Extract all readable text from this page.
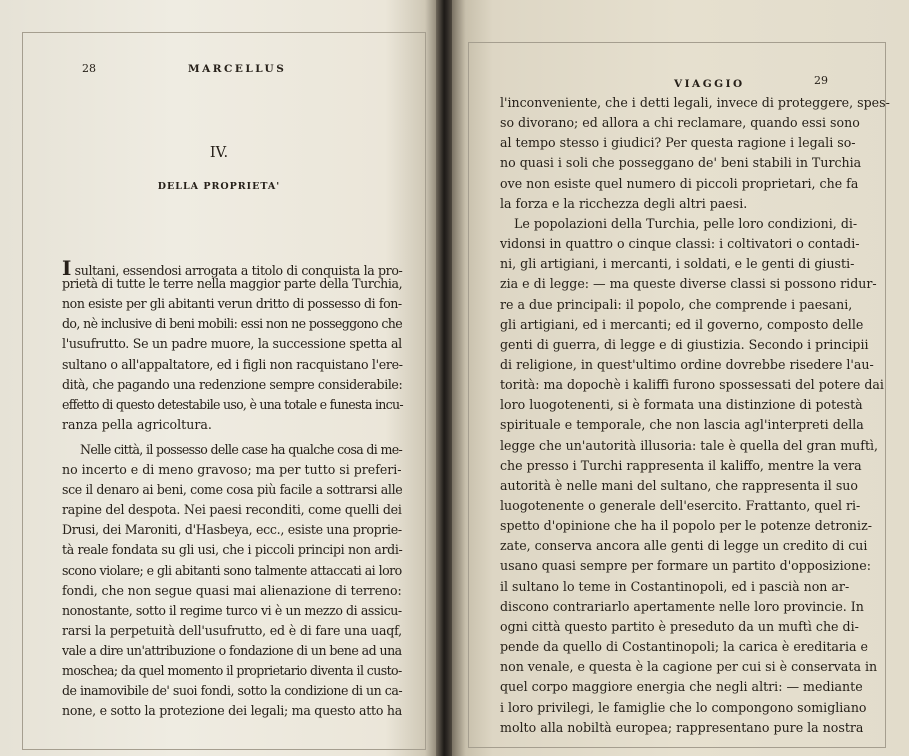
28	MARCELLUS
IV.
DELLA PROPRIETA'
I sultani, essendosi arrogata a titolo di conquista la pro-
prietà di tutte le terre nella maggior parte della Turchia,
non esiste per gli abitanti verun dritto di possesso di fon-
do, nè inclusive di beni mobili: essi non ne posseggono che
l'usufrutto. Se un padre muore, la successione spetta al
sultano o all'appaltatore, ed i figli non racquistano l'ere-
dità, che pagando una redenzione sempre considerabile:
effetto di questo detestabile uso, è una totale e funesta incu-
ranza pella agricoltura.
Nelle città, il possesso delle case ha qualche cosa di me-
no incerto e di meno gravoso; ma per tutto si preferi-
sce il denaro ai beni, come cosa più facile a sottrarsi alle
rapine del despota. Nei paesi reconditi, come quelli dei
Drusi, dei Maroniti, d'Hasbeya, ecc., esiste una proprie-
tà reale fondata su gli usi, che i piccoli principi non ardi-
scono violare; e gli abitanti sono talmente attaccati ai loro
fondi, che non segue quasi mai alienazione di terreno:
nonostante, sotto il regime turco vi è un mezzo di assicu-
rarsi la perpetuità dell'usufrutto, ed è di fare una uaqf,
vale a dire un'attribuzione o fondazione di un bene ad una
moschea; da quel momento il proprietario diventa il custo-
de inamovibile de' suoi fondi, sotto la condizione di un ca-
none, e sotto la protezione dei legali; ma questo atto ha
VIAGGIO	29
l'inconveniente, che i detti legali, invece di proteggere, spes-
so divorano; ed allora a chi reclamare, quando essi sono
al tempo stesso i giudici? Per questa ragione i legali so-
no quasi i soli che posseggano de' beni stabili in Turchia
ove non esiste quel numero di piccoli proprietari, che fa
la forza e la ricchezza degli altri paesi.
Le popolazioni della Turchia, pelle loro condizioni, di-
vidonsi in quattro o cinque classi: i coltivatori o contadi-
ni, gli artigiani, i mercanti, i soldati, e le genti di giusti-
zia e di legge: — ma queste diverse classi si possono ridur-
re a due principali: il popolo, che comprende i paesani,
gli artigiani, ed i mercanti; ed il governo, composto delle
genti di guerra, di legge e di giustizia. Secondo i principii
di religione, in quest'ultimo ordine dovrebbe risedere l'au-
torità: ma dopochè i kaliffi furono spossessati del potere dai
loro luogotenenti, si è formata una distinzione di potestà
spirituale e temporale, che non lascia agl'interpreti della
legge che un'autorità illusoria: tale è quella del gran muftì,
che presso i Turchi rappresenta il kaliffo, mentre la vera
autorità è nelle mani del sultano, che rappresenta il suo
luogotenente o generale dell'esercito. Frattanto, quel ri-
spetto d'opinione che ha il popolo per le potenze detroniz-
zate, conserva ancora alle genti di legge un credito di cui
usano quasi sempre per formare un partito d'opposizione:
il sultano lo teme in Costantinopoli, ed i pascià non ar-
discono contrariarlo apertamente nelle loro provincie. In
ogni città questo partito è preseduto da un muftì che di-
pende da quello di Costantinopoli; la carica è ereditaria e
non venale, e questa è la cagione per cui si è conservata in
quel corpo maggiore energia che negli altri: — mediante
i loro privilegi, le famiglie che lo compongono somigliano
molto alla nobiltà europea; rappresentano pure la nostra
